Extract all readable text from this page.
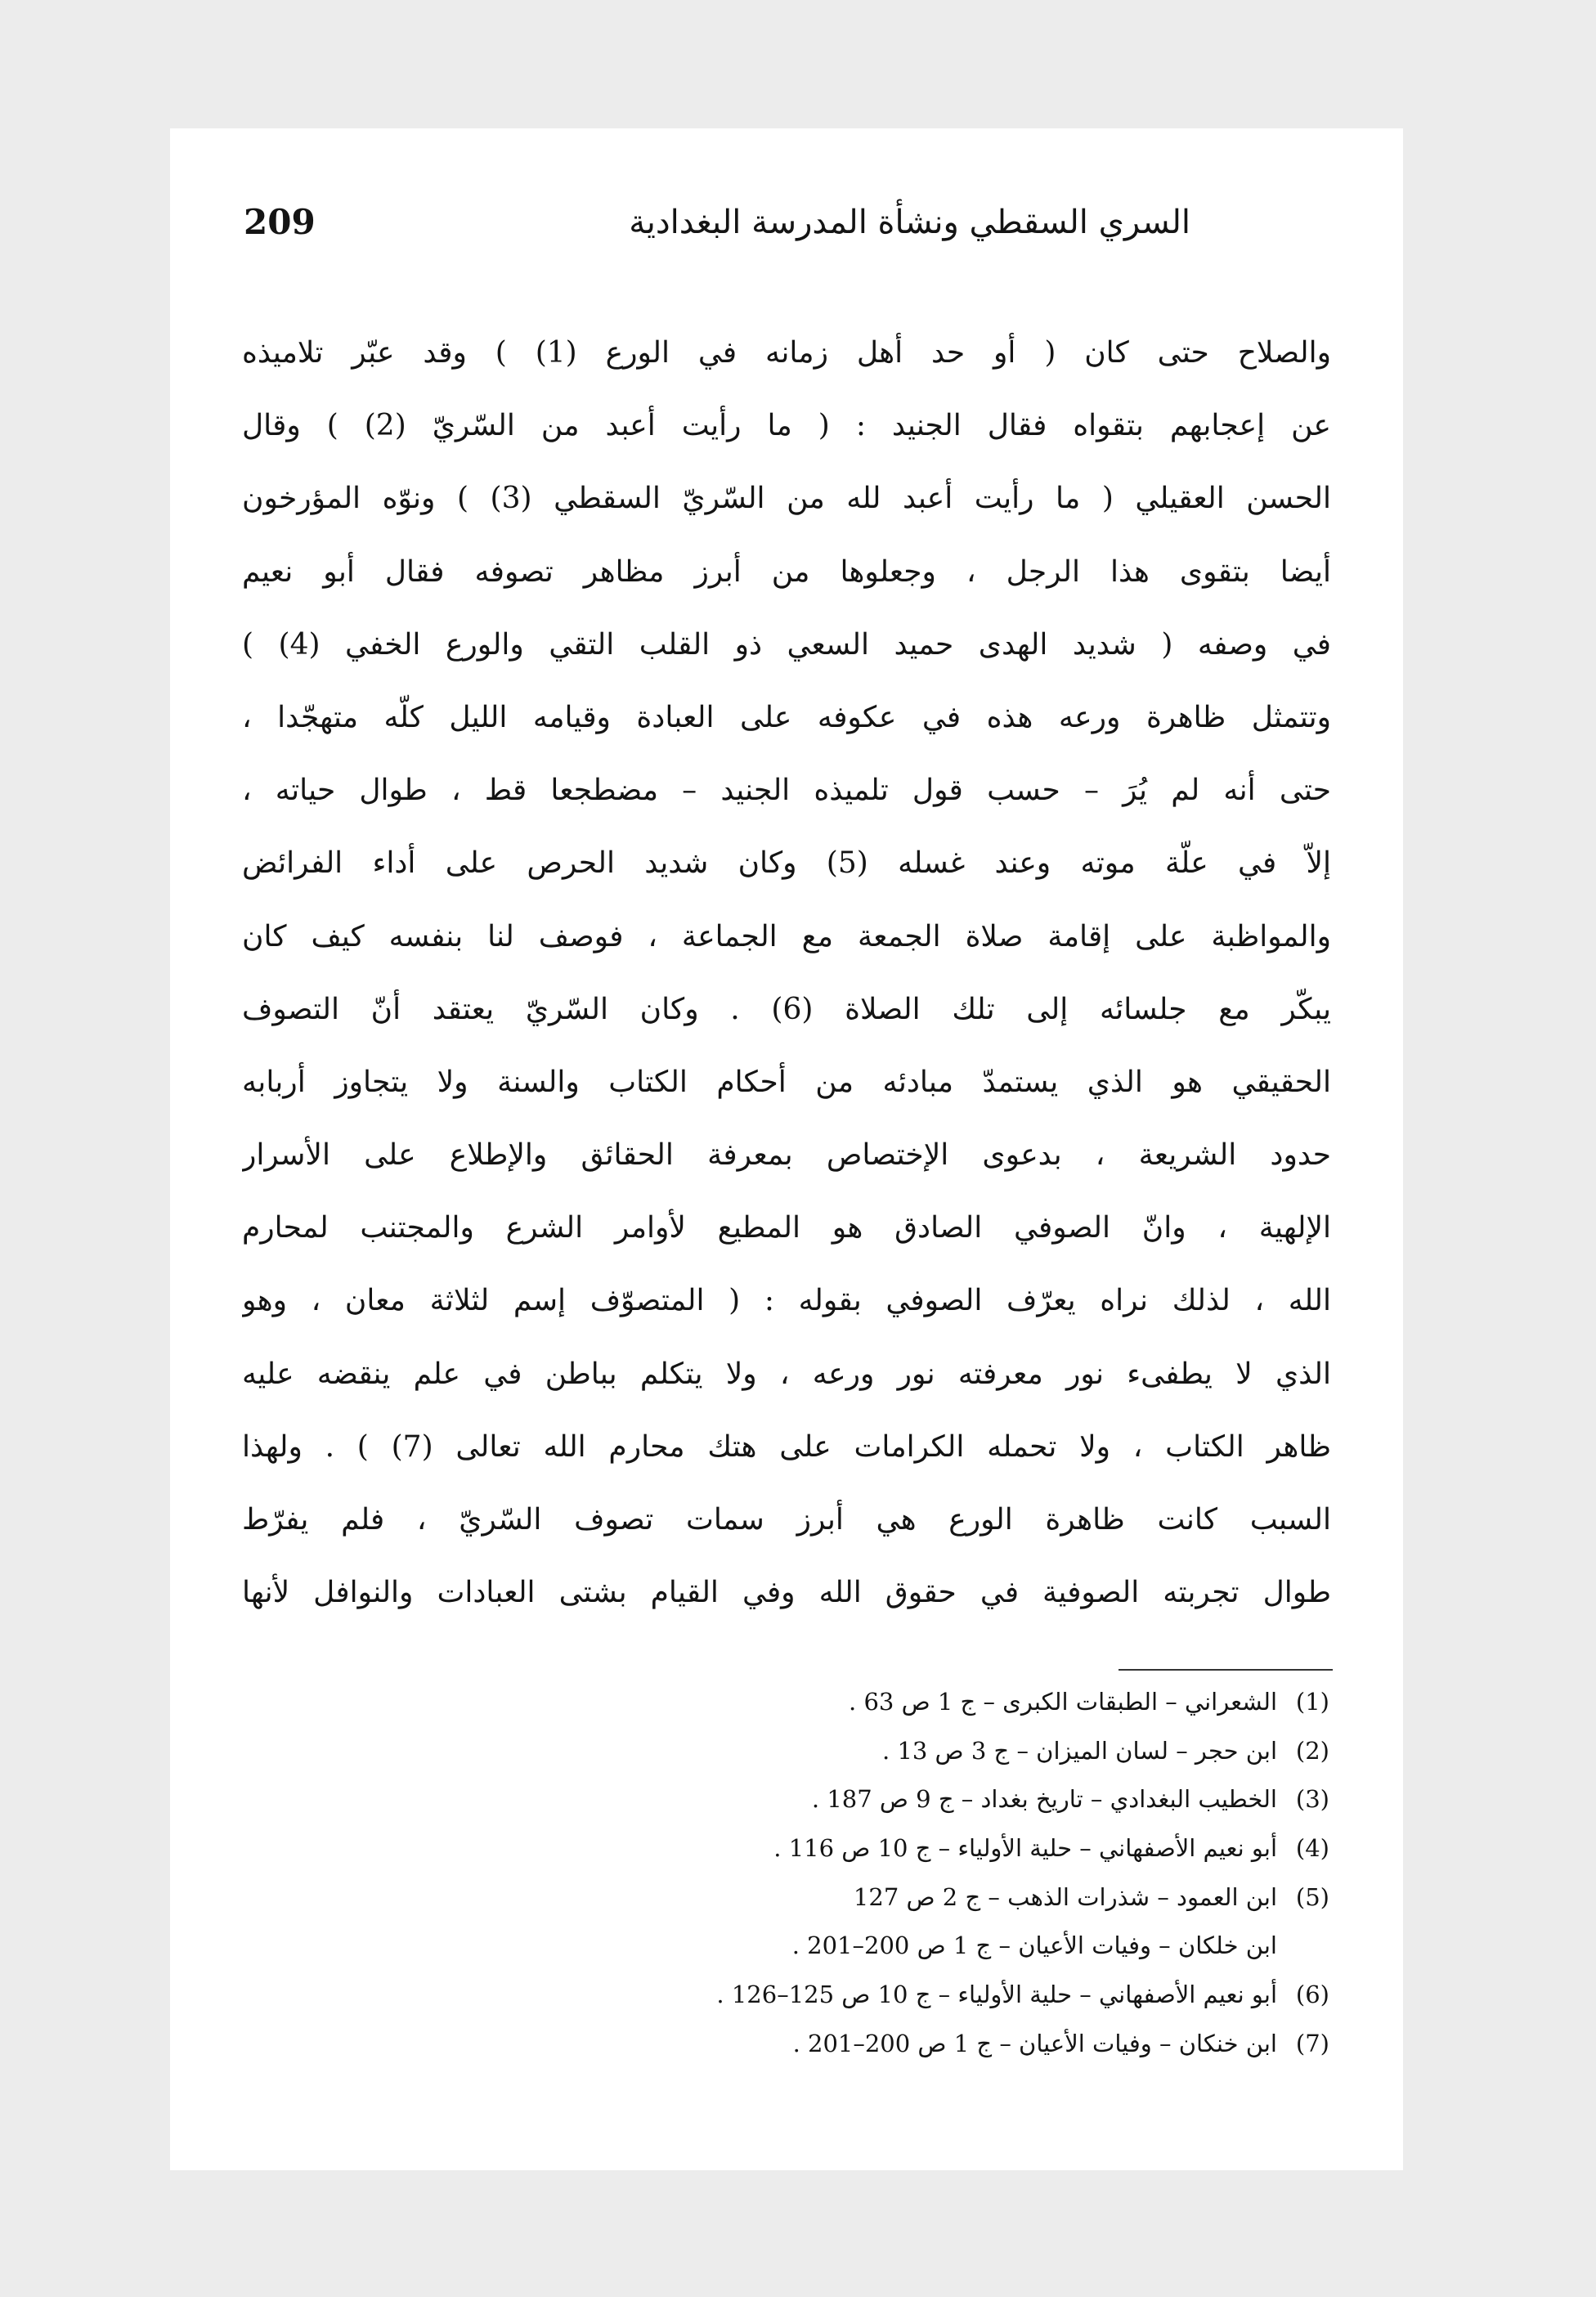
209	السري السقطي ونشأة المدرسة البغدادية
والصلاح حتى كان ( أو حد أهل زمانه في الورع (1) ) وقد عبّر تلاميذه
عن إعجابهم بتقواه فقال الجنيد : ( ما رأيت أعبد من السّريّ (2) ) وقال
الحسن العقيلي ( ما رأيت أعبد لله من السّريّ السقطي (3) ) ونوّه المؤرخون
أيضا بتقوى هذا الرجل ، وجعلوها من أبرز مظاهر تصوفه فقال أبو نعيم
في وصفه ( شديد الهدى حميد السعي ذو القلب التقي والورع الخفي (4) )
وتتمثل ظاهرة ورعه هذه في عكوفه على العبادة وقيامه الليل كلّه متهجّدا ،
حتى أنه لم يُرَ – حسب قول تلميذه الجنيد – مضطجعا قط ، طوال حياته ،
إلاّ في علّة موته وعند غسله (5) وكان شديد الحرص على أداء الفرائض
والمواظبة على إقامة صلاة الجمعة مع الجماعة ، فوصف لنا بنفسه كيف كان
يبكّر مع جلسائه إلى تلك الصلاة (6) . وكان السّريّ يعتقد أنّ التصوف
الحقيقي هو الذي يستمدّ مبادئه من أحكام الكتاب والسنة ولا يتجاوز أربابه
حدود الشريعة ، بدعوى الإختصاص بمعرفة الحقائق والإطلاع على الأسرار
الإلهية ، وانّ الصوفي الصادق هو المطيع لأوامر الشرع والمجتنب لمحارم
الله ، لذلك نراه يعرّف الصوفي بقوله : ( المتصوّف إسم لثلاثة معان ، وهو
الذي لا يطفىء نور معرفته نور ورعه ، ولا يتكلم بباطن في علم ينقضه عليه
ظاهر الكتاب ، ولا تحمله الكرامات على هتك محارم الله تعالى (7) ) . ولهذا
السبب كانت ظاهرة الورع هي أبرز سمات تصوف السّريّ ، فلم يفرّط
طوال تجربته الصوفية في حقوق الله وفي القيام بشتى العبادات والنوافل لأنها
(1)الشعراني – الطبقات الكبرى – ج 1 ص 63 .
(2)ابن حجر – لسان الميزان – ج 3 ص 13 .
(3)الخطيب البغدادي – تاريخ بغداد – ج 9 ص 187 .
(4)أبو نعيم الأصفهاني – حلية الأولياء – ج 10 ص 116 .
(5)ابن العمود – شذرات الذهب – ج 2 ص 127
ابن خلكان – وفيات الأعيان – ج 1 ص 200–201 .
(6)أبو نعيم الأصفهاني – حلية الأولياء – ج 10 ص 125–126 .
(7)ابن خنكان – وفيات الأعيان – ج 1 ص 200–201 .
